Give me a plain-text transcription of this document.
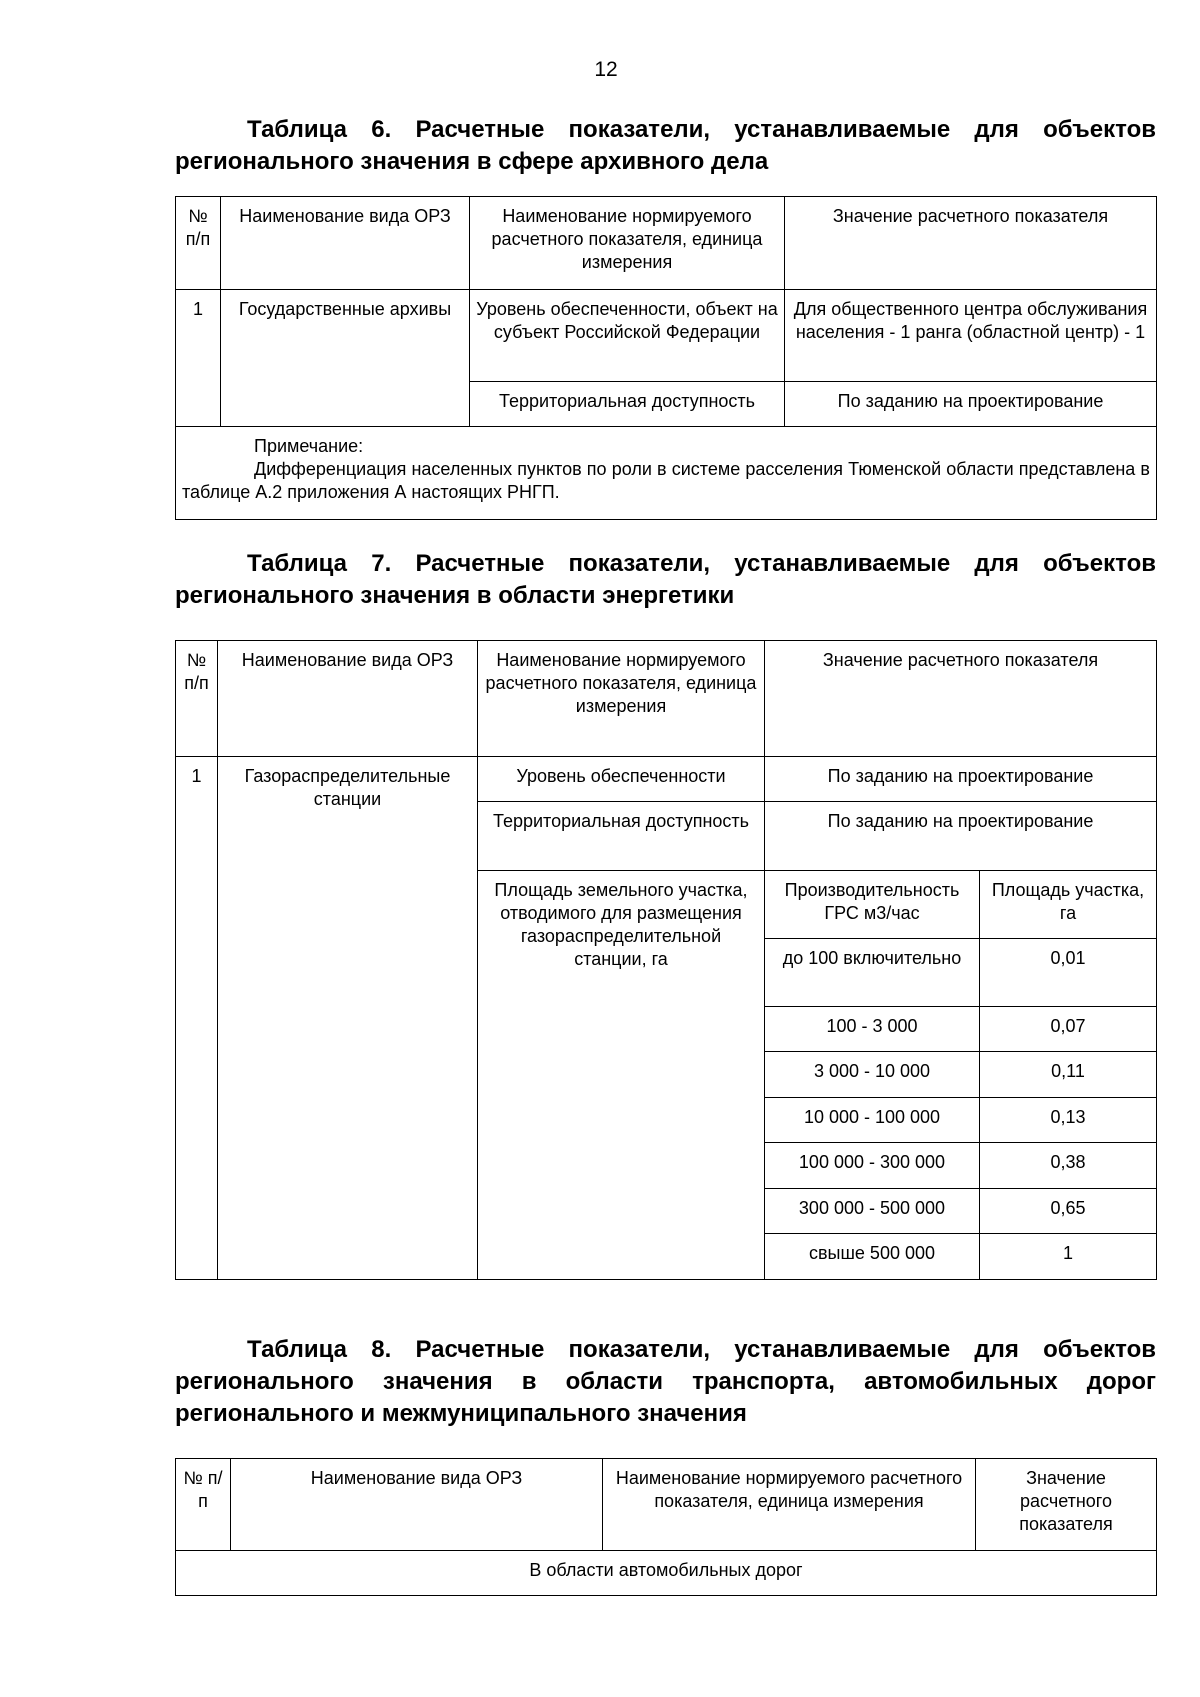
12

Таблица 6. Расчетные показатели, устанавливаемые для объектов регионального значения в сфере архивного дела

№ п/п	Наименование вида ОРЗ	Наименование нормируемого расчетного показателя, единица измерения	Значение расчетного показателя
1	Государственные архивы	Уровень обеспеченности, объект на субъект Российской Федерации	Для общественного центра обслуживания населения - 1 ранга (областной центр) - 1
		Территориальная доступность	По заданию на проектирование

Примечание:
Дифференциация населенных пунктов по роли в системе расселения Тюменской области представлена в таблице А.2 приложения А настоящих РНГП.			

Таблица 7. Расчетные показатели, устанавливаемые для объектов регионального значения в области энергетики

№ п/п	Наименование вида ОРЗ	Наименование нормируемого расчетного показателя, единица измерения	Значение расчетного показателя	
1	Газораспределительные станции	Уровень обеспеченности	По заданию на проектирование	
		Территориальная доступность	По заданию на проектирование	
		Площадь земельного участка, отводимого для размещения газораспределительной станции, га	Производительность ГРС м3/час	Площадь участка, га
			до 100 включительно	0,01
			100 - 3 000	0,07
			3 000 - 10 000	0,11
			10 000 - 100 000	0,13
			100 000 - 300 000	0,38
			300 000 - 500 000	0,65
			свыше 500 000	1

Таблица 8. Расчетные показатели, устанавливаемые для объектов регионального значения в области транспорта, автомобильных дорог регионального и межмуниципального значения

№ п/п	Наименование вида ОРЗ	Наименование нормируемого расчетного показателя, единица измерения	Значение расчетного показателя
В области автомобильных дорог
